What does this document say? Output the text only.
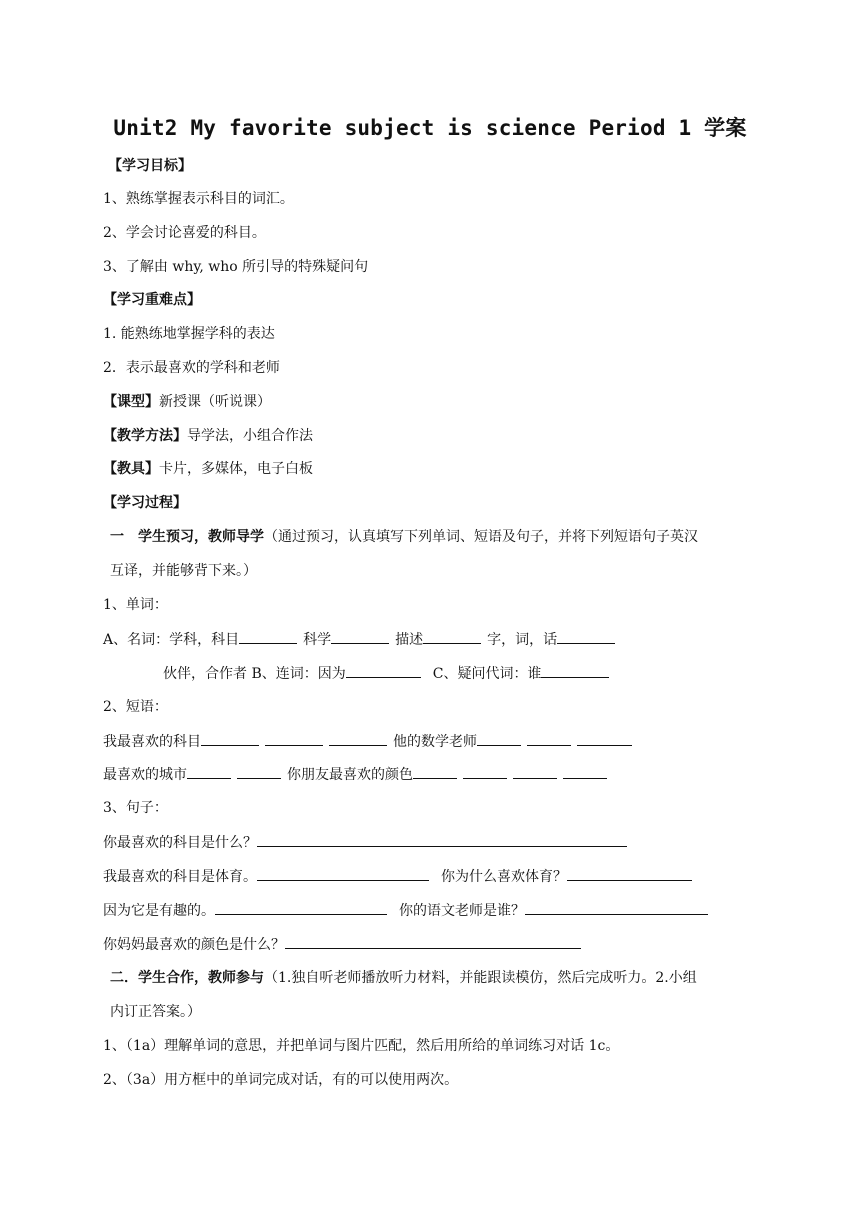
Unit2 My favorite subject is science Period 1 学案
【学习目标】
1、熟练掌握表示科目的词汇。
2、学会讨论喜爱的科目。
3、了解由 why, who 所引导的特殊疑问句
【学习重难点】
1. 能熟练地掌握学科的表达
2．表示最喜欢的学科和老师
【课型】新授课（听说课）
【教学方法】导学法，小组合作法
【教具】卡片，多媒体，电子白板
【学习过程】
一　学生预习，教师导学（通过预习，认真填写下列单词、短语及句子，并将下列短语句子英汉
互译，并能够背下来。）
1、单词：
A、名词：学科，科目	科学	描述	字，词，话
伙伴，合作者 B、连词：因为	C、疑问代词：谁
2、短语：
我最喜欢的科目	他的数学老师
最喜欢的城市	你朋友最喜欢的颜色
3、句子：
你最喜欢的科目是什么？
我最喜欢的科目是体育。	你为什么喜欢体育？
因为它是有趣的。	你的语文老师是谁？
你妈妈最喜欢的颜色是什么？
二．学生合作，教师参与（1.独自听老师播放听力材料，并能跟读模仿，然后完成听力。2.小组
内订正答案。）
1、（1a）理解单词的意思，并把单词与图片匹配，然后用所给的单词练习对话 1c。
2、（3a）用方框中的单词完成对话，有的可以使用两次。
